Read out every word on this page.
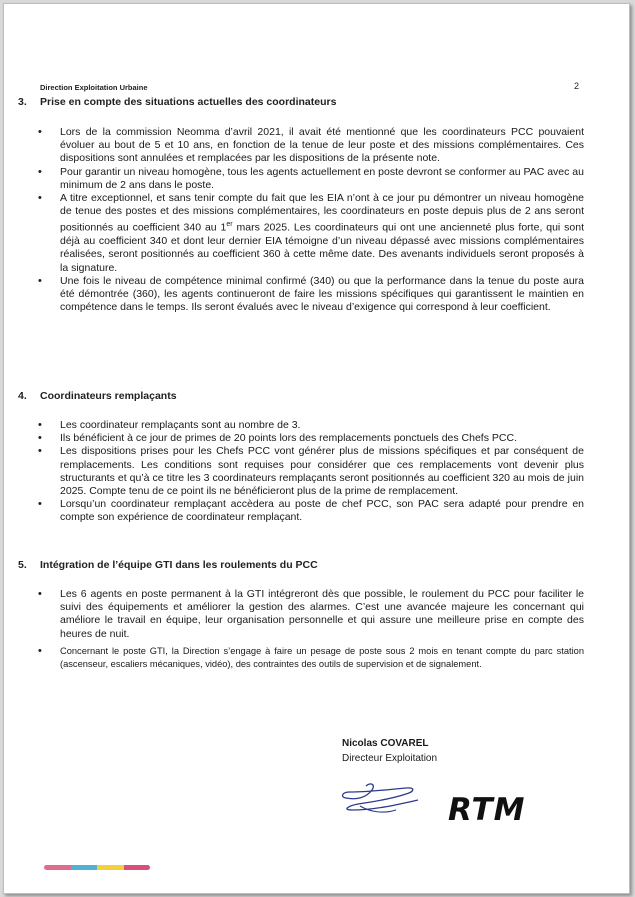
Direction Exploitation Urbaine	2
3. Prise en compte des situations actuelles des coordinateurs
• Lors de la commission Neomma d’avril 2021, il avait été mentionné que les coordinateurs PCC pouvaient évoluer au bout de 5 et 10 ans, en fonction de la tenue de leur poste et des missions complémentaires. Ces dispositions sont annulées et remplacées par les dispositions de la présente note.
• Pour garantir un niveau homogène, tous les agents actuellement en poste devront se conformer au PAC avec au minimum de 2 ans dans le poste.
• A titre exceptionnel, et sans tenir compte du fait que les EIA n’ont à ce jour pu démontrer un niveau homogène de tenue des postes et des missions complémentaires, les coordinateurs en poste depuis plus de 2 ans seront positionnés au coefficient 340 au 1er mars 2025. Les coordinateurs qui ont une ancienneté plus forte, qui sont déjà au coefficient 340 et dont leur dernier EIA témoigne d’un niveau dépassé avec missions complémentaires réalisées, seront positionnés au coefficient 360 à cette même date. Des avenants individuels seront proposés à la signature.
• Une fois le niveau de compétence minimal confirmé (340) ou que la performance dans la tenue du poste aura été démontrée (360), les agents continueront de faire les missions spécifiques qui garantissent le maintien en compétence dans le temps. Ils seront évalués avec le niveau d’exigence qui correspond à leur coefficient.
4. Coordinateurs remplaçants
• Les coordinateur remplaçants sont au nombre de 3.
• Ils bénéficient à ce jour de primes de 20 points lors des remplacements ponctuels des Chefs PCC.
• Les dispositions prises pour les Chefs PCC vont générer plus de missions spécifiques et par conséquent de remplacements. Les conditions sont requises pour considérer que ces remplacements vont devenir plus structurants et qu’à ce titre les 3 coordinateurs remplaçants seront positionnés au coefficient 320 au mois de juin 2025. Compte tenu de ce point ils ne bénéficieront plus de la prime de remplacement.
• Lorsqu’un coordinateur remplaçant accèdera au poste de chef PCC, son PAC sera adapté pour prendre en compte son expérience de coordinateur remplaçant.
5. Intégration de l’équipe GTI dans les roulements du PCC
• Les 6 agents en poste permanent à la GTI intégreront dès que possible, le roulement du PCC pour faciliter le suivi des équipements et améliorer la gestion des alarmes. C’est une avancée majeure les concernant qui améliore le travail en équipe, leur organisation personnelle et qui assure une meilleure prise en compte des heures de nuit.
• Concernant le poste GTI, la Direction s’engage à faire un pesage de poste sous 2 mois en tenant compte du parc station (ascenseur, escaliers mécaniques, vidéo), des contraintes des outils de supervision et de signalement.
Nicolas COVAREL
Directeur Exploitation
RTM
